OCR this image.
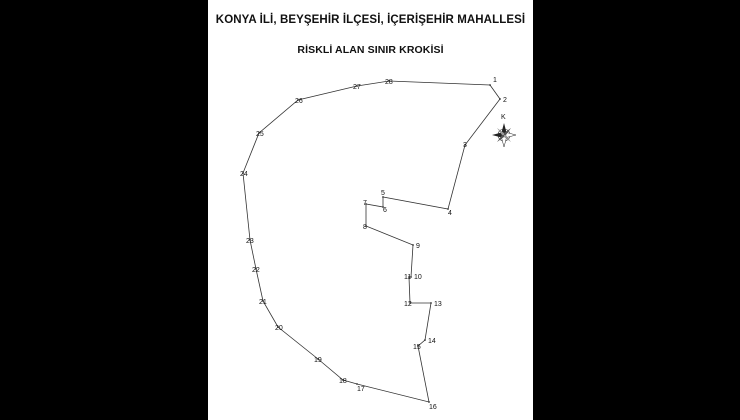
KONYA İLİ, BEYŞEHİR İLÇESİ, İÇERİŞEHİR MAHALLESİ
RİSKLİ ALAN SINIR KROKİSİ
1
2
3
4
5
6
7
8
9
10
11
12	13
14
15
16
17
18
19
20
21
22
23
24
25
26
27
28
K
